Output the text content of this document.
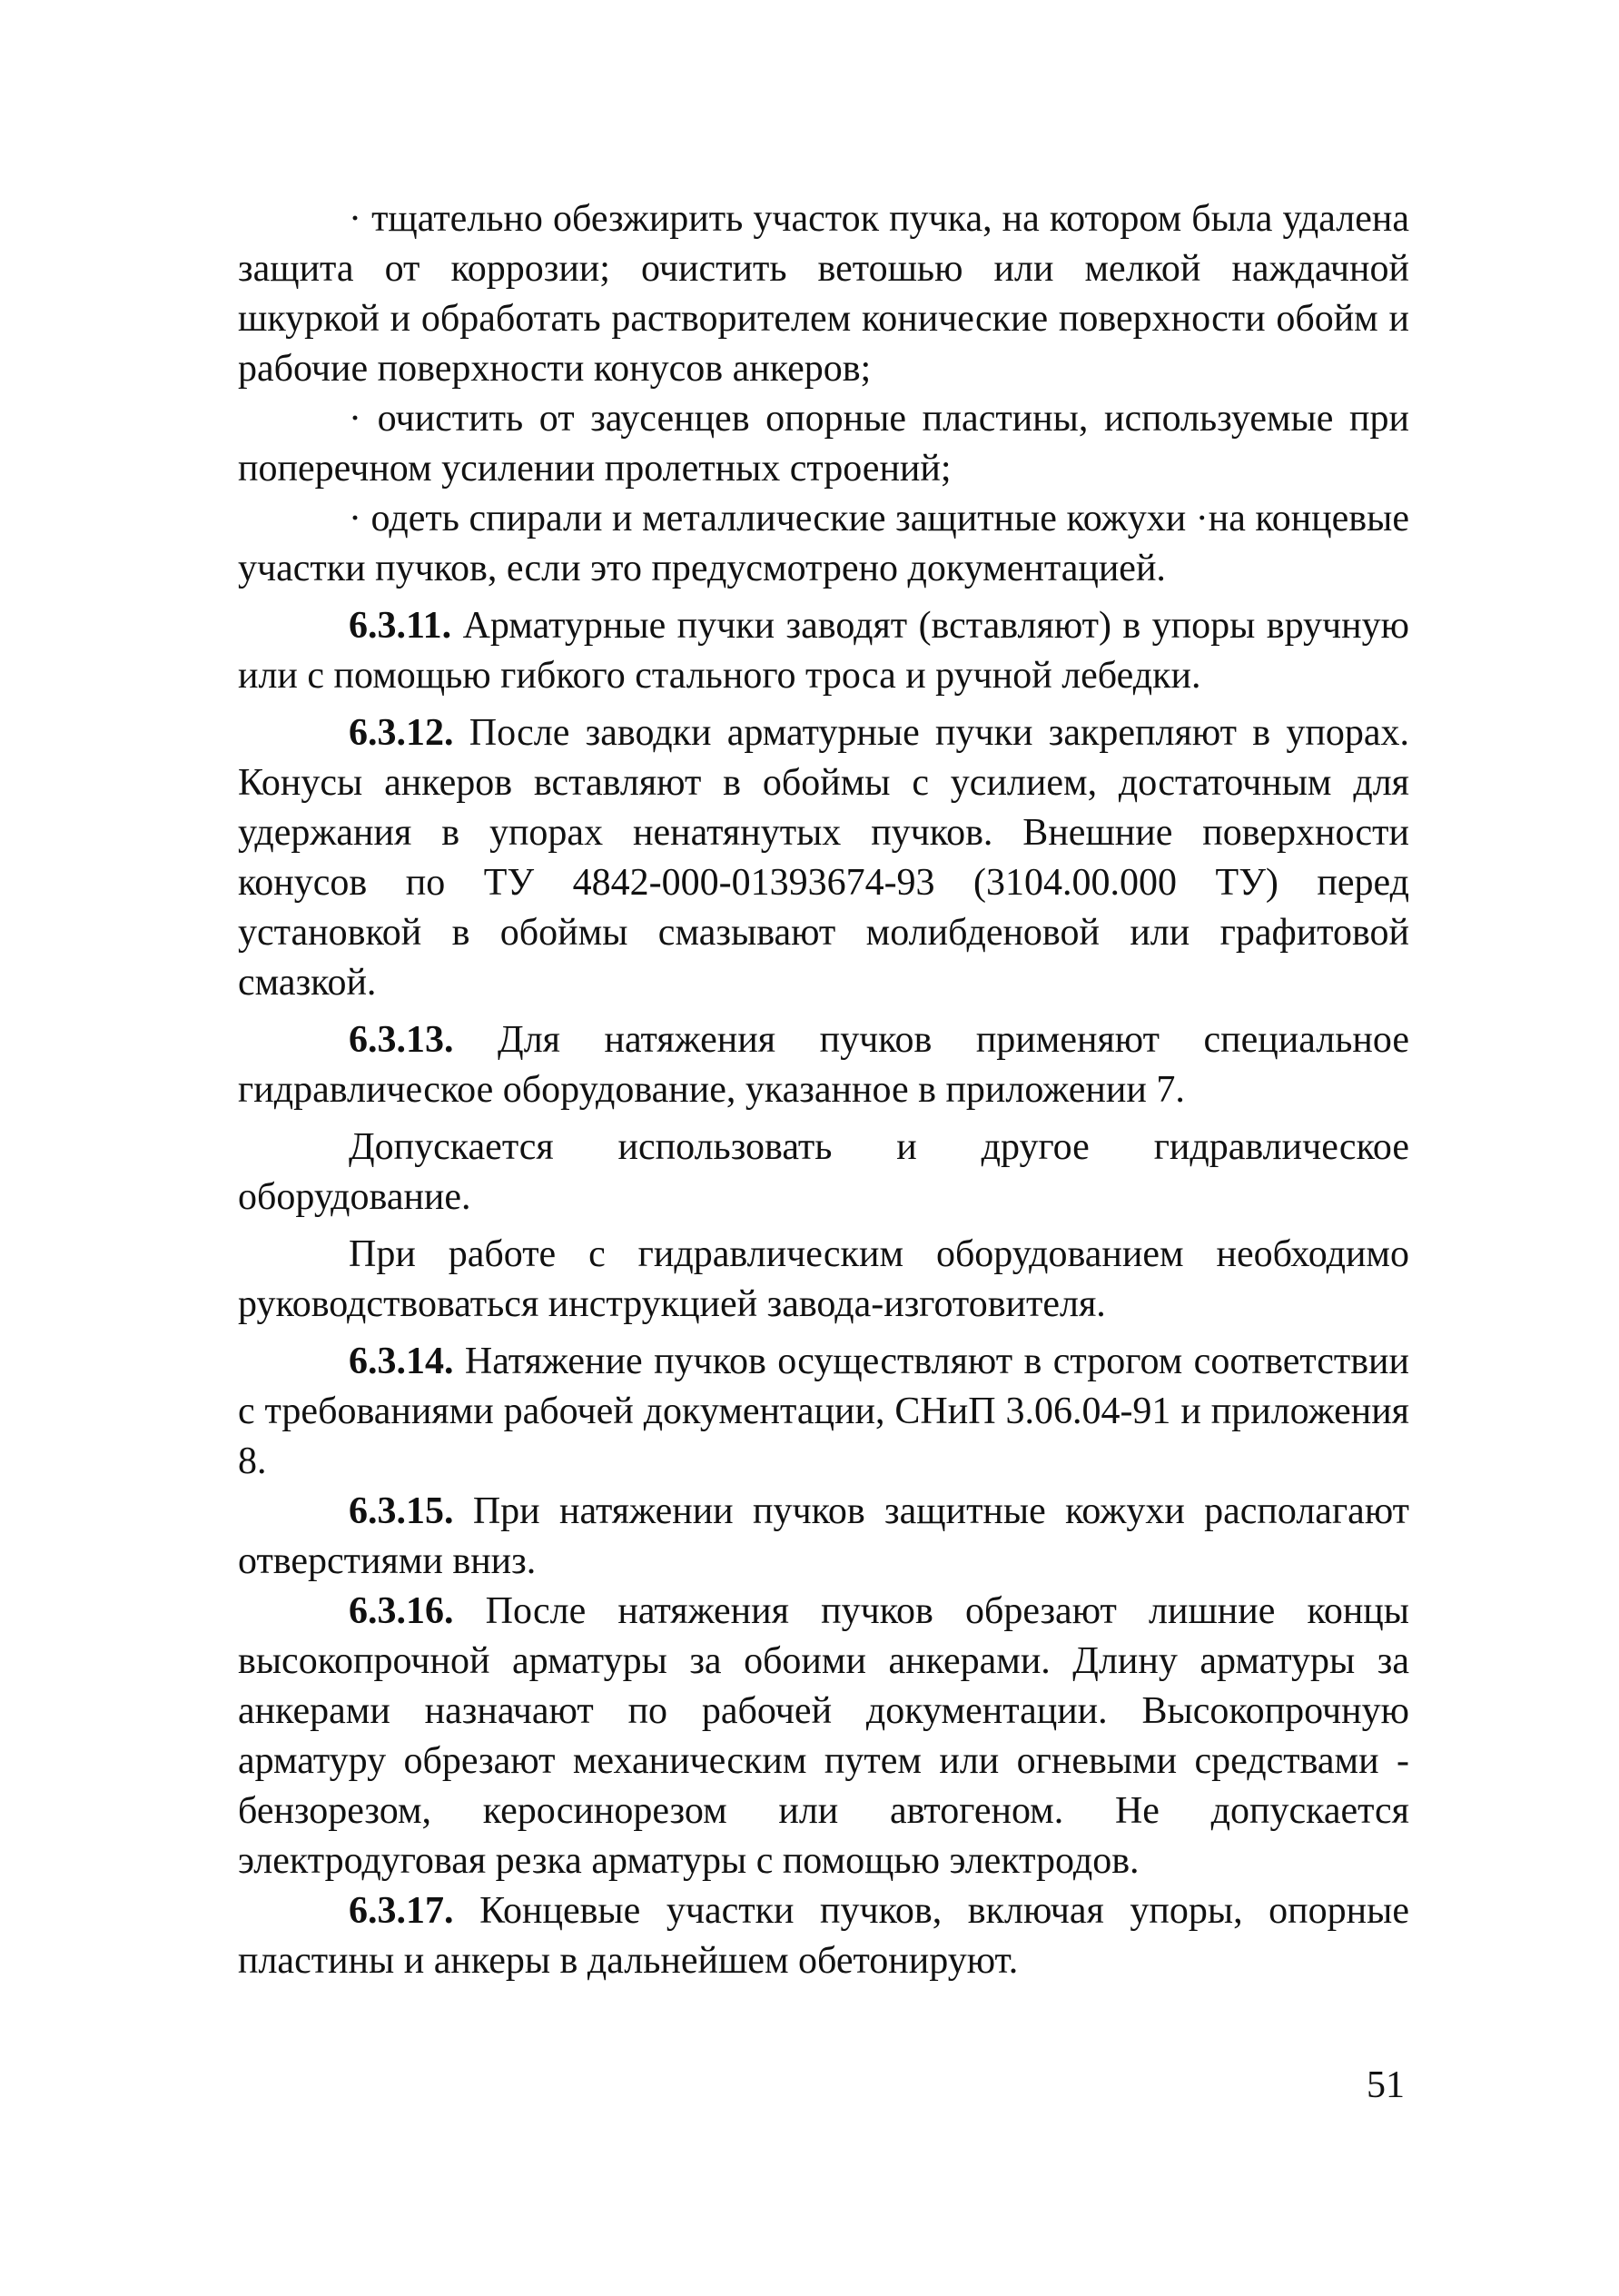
· тщательно обезжирить участок пучка, на котором была удалена защита от коррозии; очистить ветошью или мелкой наждачной шкуркой и обработать растворителем конические поверхности обойм и рабочие поверхности конусов анкеров;

· очистить от заусенцев опорные пластины, используемые при поперечном усилении пролетных строений;

· одеть спирали и металлические защитные кожухи ·на концевые участки пучков, если это предусмотрено документацией.

6.3.11. Арматурные пучки заводят (вставляют) в упоры вручную или с помощью гибкого стального троса и ручной лебедки.

6.3.12. После заводки арматурные пучки закрепляют в упорах. Конусы анкеров вставляют в обоймы с усилием, достаточным для удержания в упорах ненатянутых пучков. Внешние поверхности конусов по ТУ 4842-000-01393674-93 (3104.00.000 ТУ) перед установкой в обоймы смазывают молибденовой или графитовой смазкой.

6.3.13. Для натяжения пучков применяют специальное гидравлическое оборудование, указанное в приложении 7.

Допускается использовать и другое гидравлическое оборудование.

При работе с гидравлическим оборудованием необходимо руководствоваться инструкцией завода-изготовителя.

6.3.14. Натяжение пучков осуществляют в строгом соответствии с требованиями рабочей документации, СНиП 3.06.04-91 и приложения 8.

6.3.15. При натяжении пучков защитные кожухи располагают отверстиями вниз.

6.3.16. После натяжения пучков обрезают лишние концы высокопрочной арматуры за обоими анкерами. Длину арматуры за анкерами назначают по рабочей документации. Высокопрочную арматуру обрезают механическим путем или огневыми средствами - бензорезом, керосинорезом или автогеном. Не допускается электродуговая резка арматуры с помощью электродов.

6.3.17. Концевые участки пучков, включая упоры, опорные пластины и анкеры в дальнейшем обетонируют.

51
